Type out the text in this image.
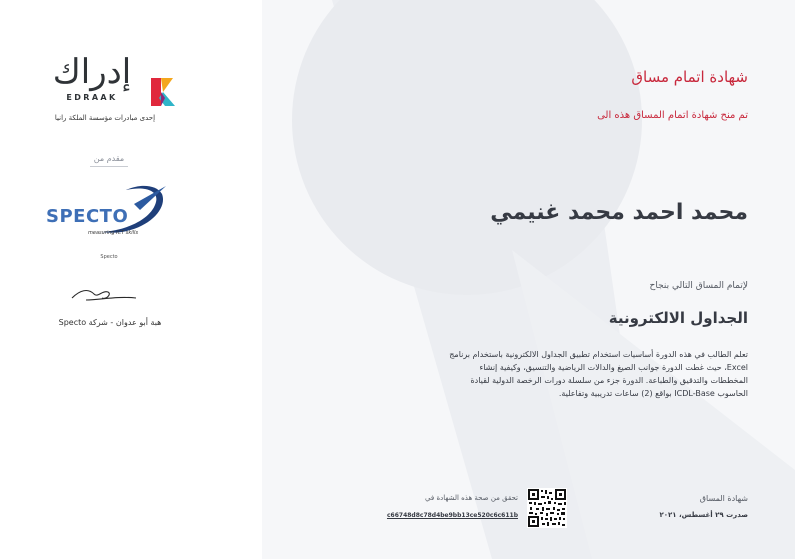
إدراك
EDRAAK
إحدى مبادرات مؤسسة الملكة رانيا
مقدم من
SPECTO
measuring ICT skills
Specto
هبة أبو عدوان - شركة Specto
شهادة اتمام مساق
تم منح شهادة اتمام المساق هذه الى
محمد احمد محمد غنيمي
لإتمام المساق التالي بنجاح
الجداول الالكترونية
تعلم الطالب في هذه الدورة أساسيات استخدام تطبيق الجداول الالكترونية باستخدام برنامج Excel، حيث غطت الدورة جوانب الصيغ والدالات الرياضية والتنسيق، وكيفية إنشاء المخططات والتدقيق والطباعة. الدورة جزء من سلسلة دورات الرخصة الدولية لقيادة الحاسوب ICDL-Base بواقع (2) ساعات تدريبية وتفاعلية.
شهادة المساق
صدرت ٢٩ أغسطس، ٢٠٢١
تحقق من صحة هذه الشهادة في
c66748d8c78d4be9bb13ce520c6c611b
